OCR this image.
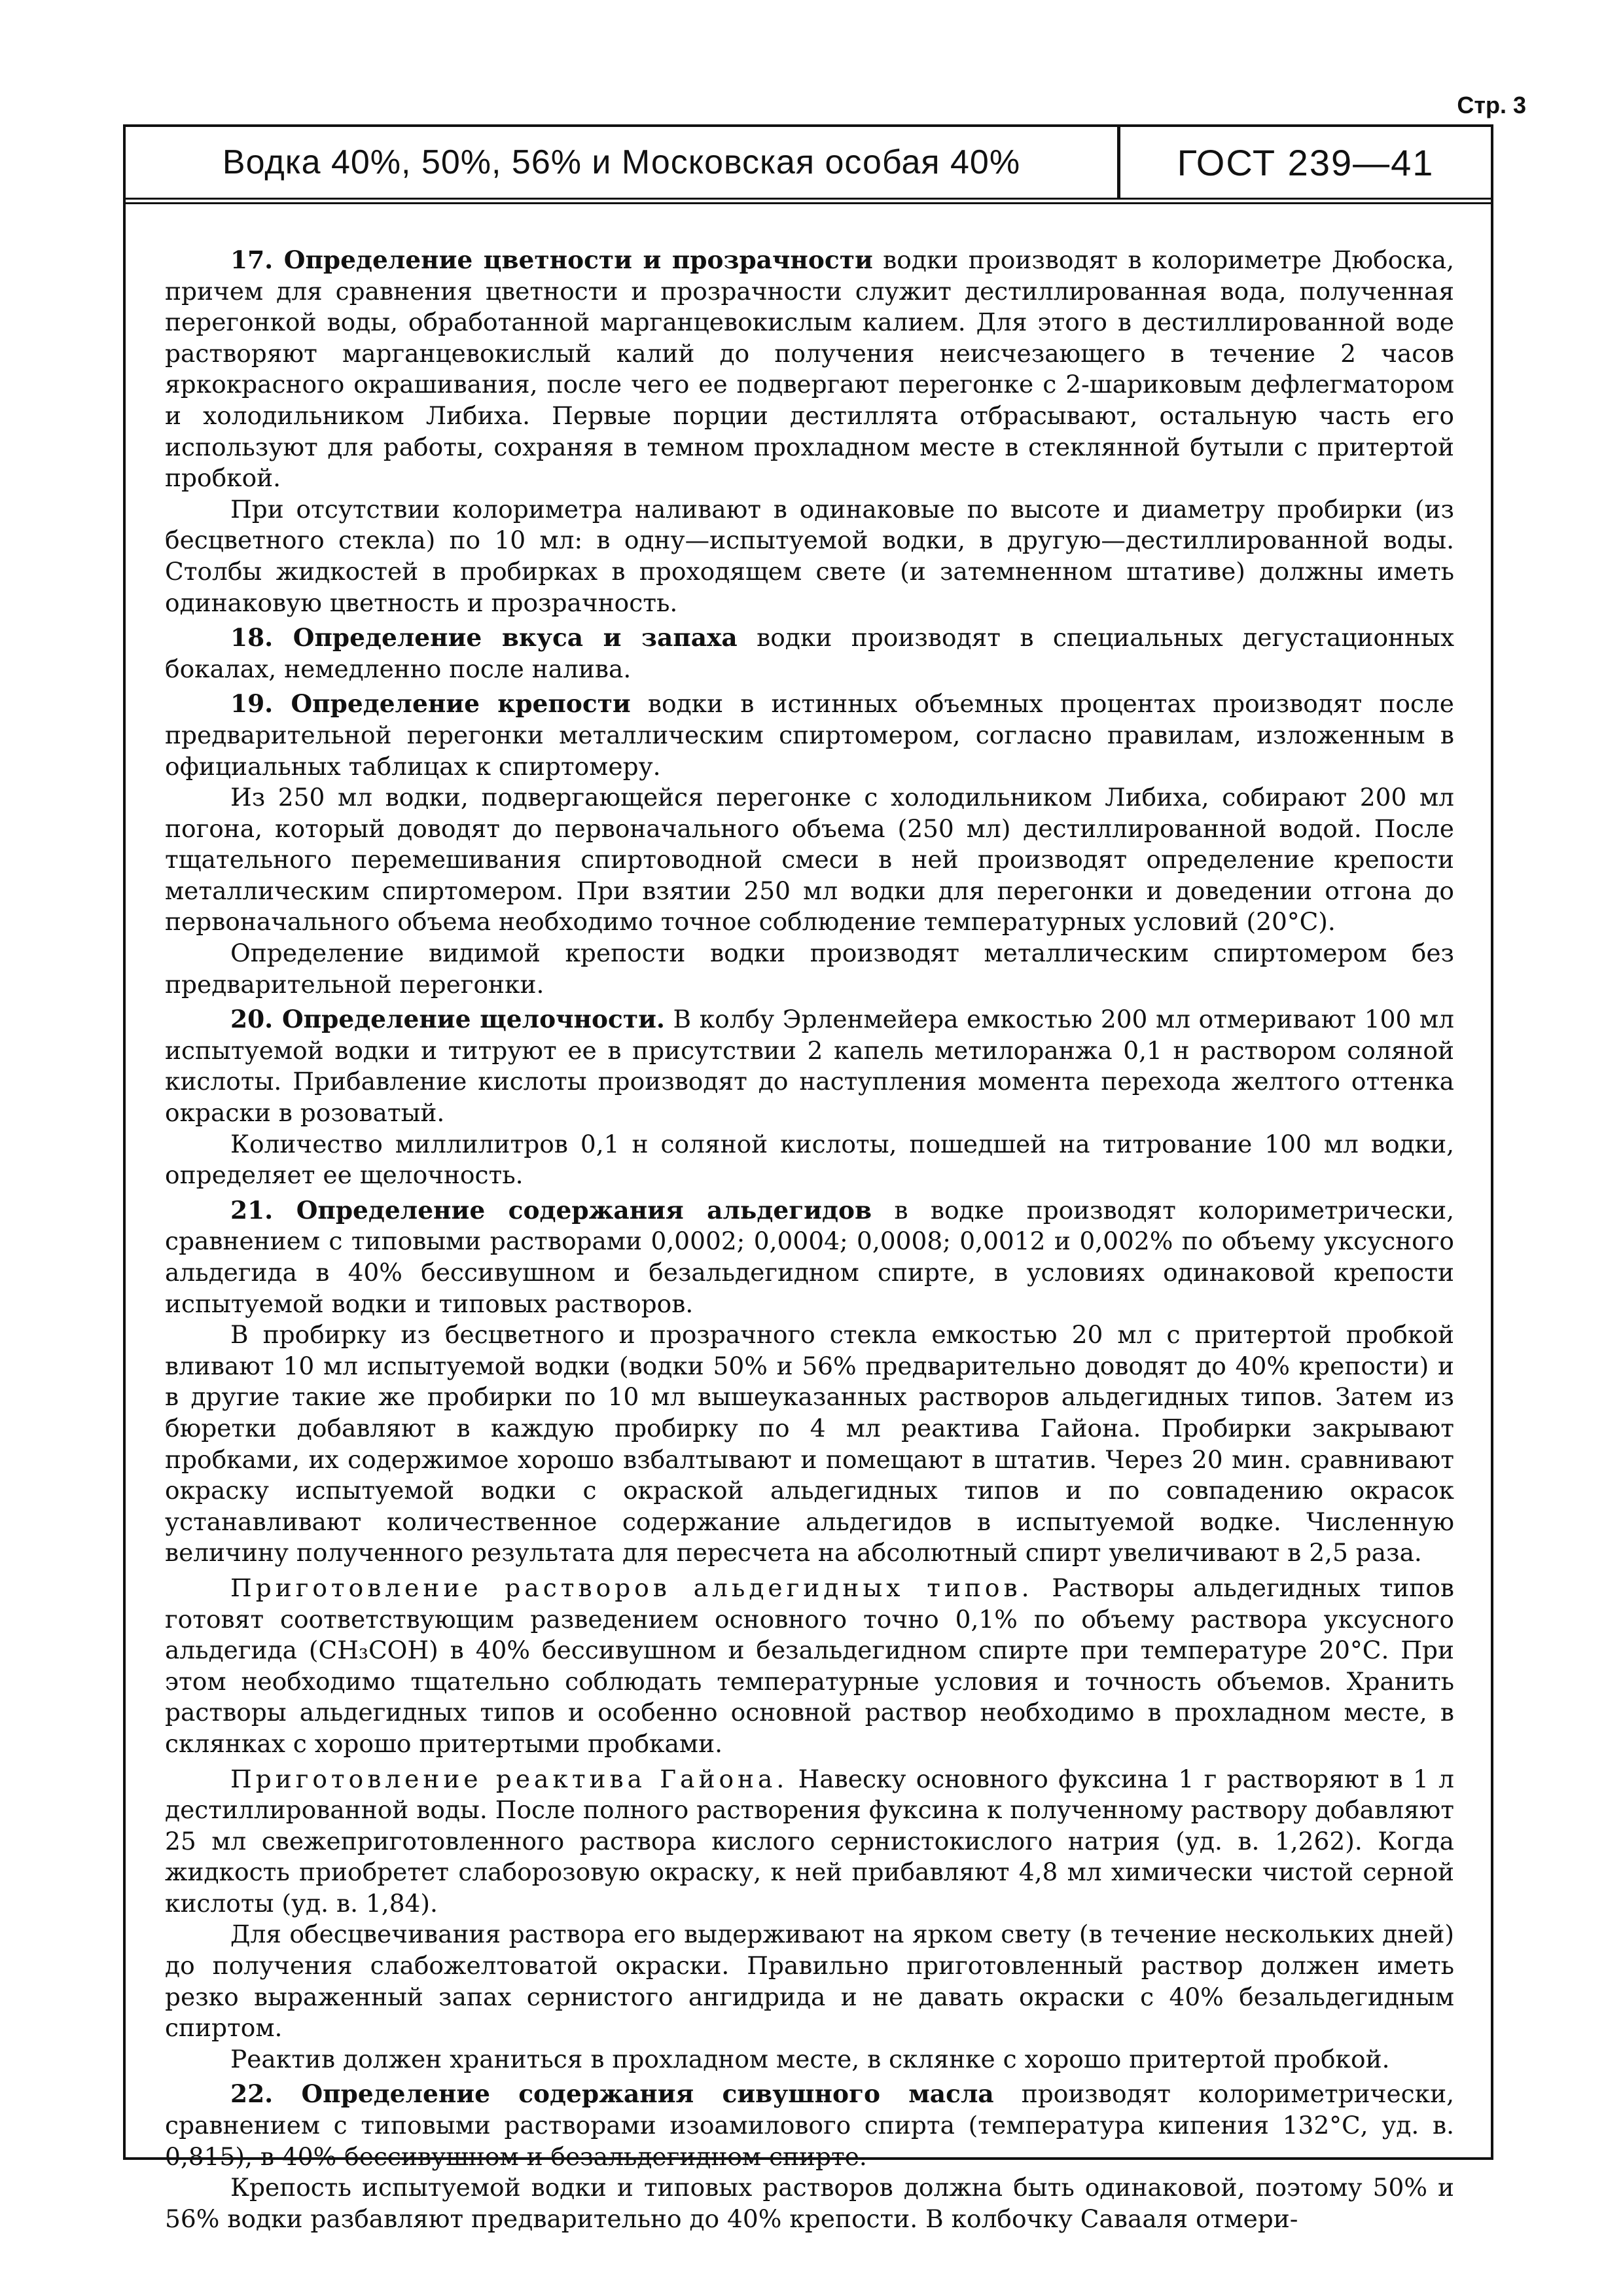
Стр. 3
Водка 40%, 50%, 56% и Московская особая 40%	ГОСТ 239—41

17. Определение цветности и прозрачности водки производят в колориметре Дюбоска, причем для сравнения цветности и прозрачности служит дестиллированная вода, полученная перегонкой воды, обработанной марганцевокислым калием. Для этого в дестиллированной воде растворяют марганцевокислый калий до получения неисчезающего в течение 2 часов яркокрасного окрашивания, после чего ее подвергают перегонке с 2-шариковым дефлегматором и холодильником Либиха. Первые порции дестиллята отбрасывают, остальную часть его используют для работы, сохраняя в темном прохладном месте в стеклянной бутыли с притертой пробкой.

При отсутствии колориметра наливают в одинаковые по высоте и диаметру пробирки (из бесцветного стекла) по 10 мл: в одну—испытуемой водки, в другую—дестиллированной воды. Столбы жидкостей в пробирках в проходящем свете (и затемненном штативе) должны иметь одинаковую цветность и прозрачность.

18. Определение вкуса и запаха водки производят в специальных дегустационных бокалах, немедленно после налива.

19. Определение крепости водки в истинных объемных процентах производят после предварительной перегонки металлическим спиртомером, согласно правилам, изложенным в официальных таблицах к спиртомеру.

Из 250 мл водки, подвергающейся перегонке с холодильником Либиха, собирают 200 мл погона, который доводят до первоначального объема (250 мл) дестиллированной водой. После тщательного перемешивания спиртоводной смеси в ней производят определение крепости металлическим спиртомером. При взятии 250 мл водки для перегонки и доведении отгона до первоначального объема необходимо точное соблюдение температурных условий (20°С).

Определение видимой крепости водки производят металлическим спиртомером без предварительной перегонки.

20. Определение щелочности. В колбу Эрленмейера емкостью 200 мл отмеривают 100 мл испытуемой водки и титруют ее в присутствии 2 капель метилоранжа 0,1 н раствором соляной кислоты. Прибавление кислоты производят до наступления момента перехода желтого оттенка окраски в розоватый.

Количество миллилитров 0,1 н соляной кислоты, пошедшей на титрование 100 мл водки, определяет ее щелочность.

21. Определение содержания альдегидов в водке производят колориметрически, сравнением с типовыми растворами 0,0002; 0,0004; 0,0008; 0,0012 и 0,002% по объему уксусного альдегида в 40% бессивушном и безальдегидном спирте, в условиях одинаковой крепости испытуемой водки и типовых растворов.

В пробирку из бесцветного и прозрачного стекла емкостью 20 мл с притертой пробкой вливают 10 мл испытуемой водки (водки 50% и 56% предварительно доводят до 40% крепости) и в другие такие же пробирки по 10 мл вышеуказанных растворов альдегидных типов. Затем из бюретки добавляют в каждую пробирку по 4 мл реактива Гайона. Пробирки закрывают пробками, их содержимое хорошо взбалтывают и помещают в штатив. Через 20 мин. сравнивают окраску испытуемой водки с окраской альдегидных типов и по совпадению окрасок устанавливают количественное содержание альдегидов в испытуемой водке. Численную величину полученного результата для пересчета на абсолютный спирт увеличивают в 2,5 раза.

Приготовление растворов альдегидных типов. Растворы альдегидных типов готовят соответствующим разведением основного точно 0,1% по объему раствора уксусного альдегида (CH₃COH) в 40% бессивушном и безальдегидном спирте при температуре 20°С. При этом необходимо тщательно соблюдать температурные условия и точность объемов. Хранить растворы альдегидных типов и особенно основной раствор необходимо в прохладном месте, в склянках с хорошо притертыми пробками.

Приготовление реактива Гайона. Навеску основного фуксина 1 г растворяют в 1 л дестиллированной воды. После полного растворения фуксина к полученному раствору добавляют 25 мл свежеприготовленного раствора кислого сернистокислого натрия (уд. в. 1,262). Когда жидкость приобретет слаборозовую окраску, к ней прибавляют 4,8 мл химически чистой серной кислоты (уд. в. 1,84).

Для обесцвечивания раствора его выдерживают на ярком свету (в течение нескольких дней) до получения слабожелтоватой окраски. Правильно приготовленный раствор должен иметь резко выраженный запах сернистого ангидрида и не давать окраски с 40% безальдегидным спиртом.

Реактив должен храниться в прохладном месте, в склянке с хорошо притертой пробкой.

22. Определение содержания сивушного масла производят колориметрически, сравнением с типовыми растворами изоамилового спирта (температура кипения 132°С, уд. в. 0,815), в 40% бессивушном и безальдегидном спирте.

Крепость испытуемой водки и типовых растворов должна быть одинаковой, поэтому 50% и 56% водки разбавляют предварительно до 40% крепости. В колбочку Савааля отмери-
